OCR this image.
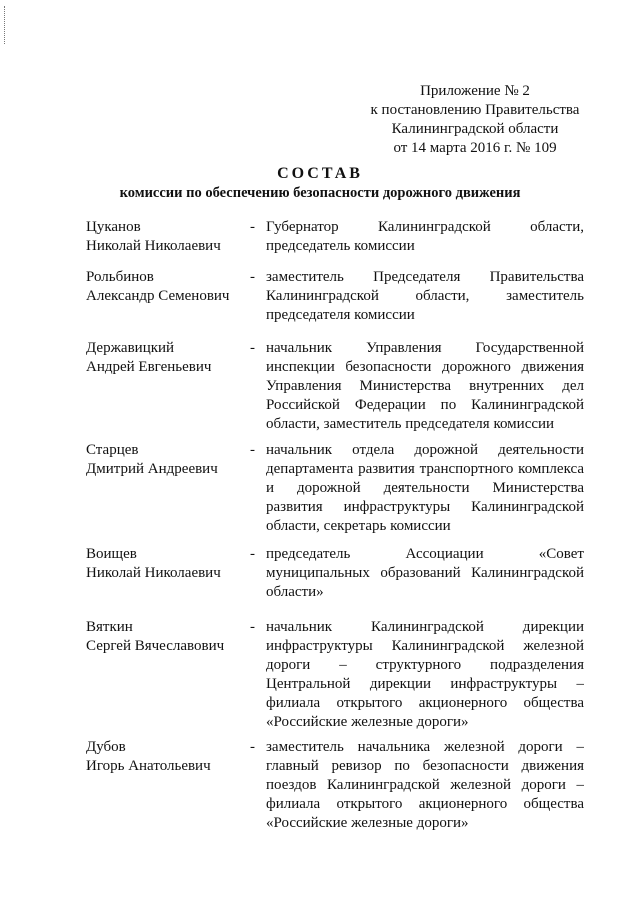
Приложение № 2
к постановлению Правительства
Калининградской области
от 14 марта 2016 г. № 109
СОСТАВ
комиссии по обеспечению безопасности дорожного движения
Цуканов
Николай Николаевич
- Губернатор Калининградской области,
председатель комиссии
Рольбинов
Александр Семенович
- заместитель Председателя Правительства
Калининградской области, заместитель
председателя комиссии
Державицкий
Андрей Евгеньевич
- начальник Управления Государственной
инспекции безопасности дорожного движения
Управления Министерства внутренних дел
Российской Федерации по Калининградской
области, заместитель председателя комиссии
Старцев
Дмитрий Андреевич
- начальник отдела дорожной деятельности
департамента развития транспортного комплекса
и дорожной деятельности Министерства
развития инфраструктуры Калининградской
области, секретарь комиссии
Воищев
Николай Николаевич
- председатель Ассоциации «Совет
муниципальных образований Калининградской
области»
Вяткин
Сергей Вячеславович
- начальник Калининградской дирекции
инфраструктуры Калининградской железной
дороги – структурного подразделения
Центральной дирекции инфраструктуры –
филиала открытого акционерного общества
«Российские железные дороги»
Дубов
Игорь Анатольевич
- заместитель начальника железной дороги –
главный ревизор по безопасности движения
поездов Калининградской железной дороги –
филиала открытого акционерного общества
«Российские железные дороги»
